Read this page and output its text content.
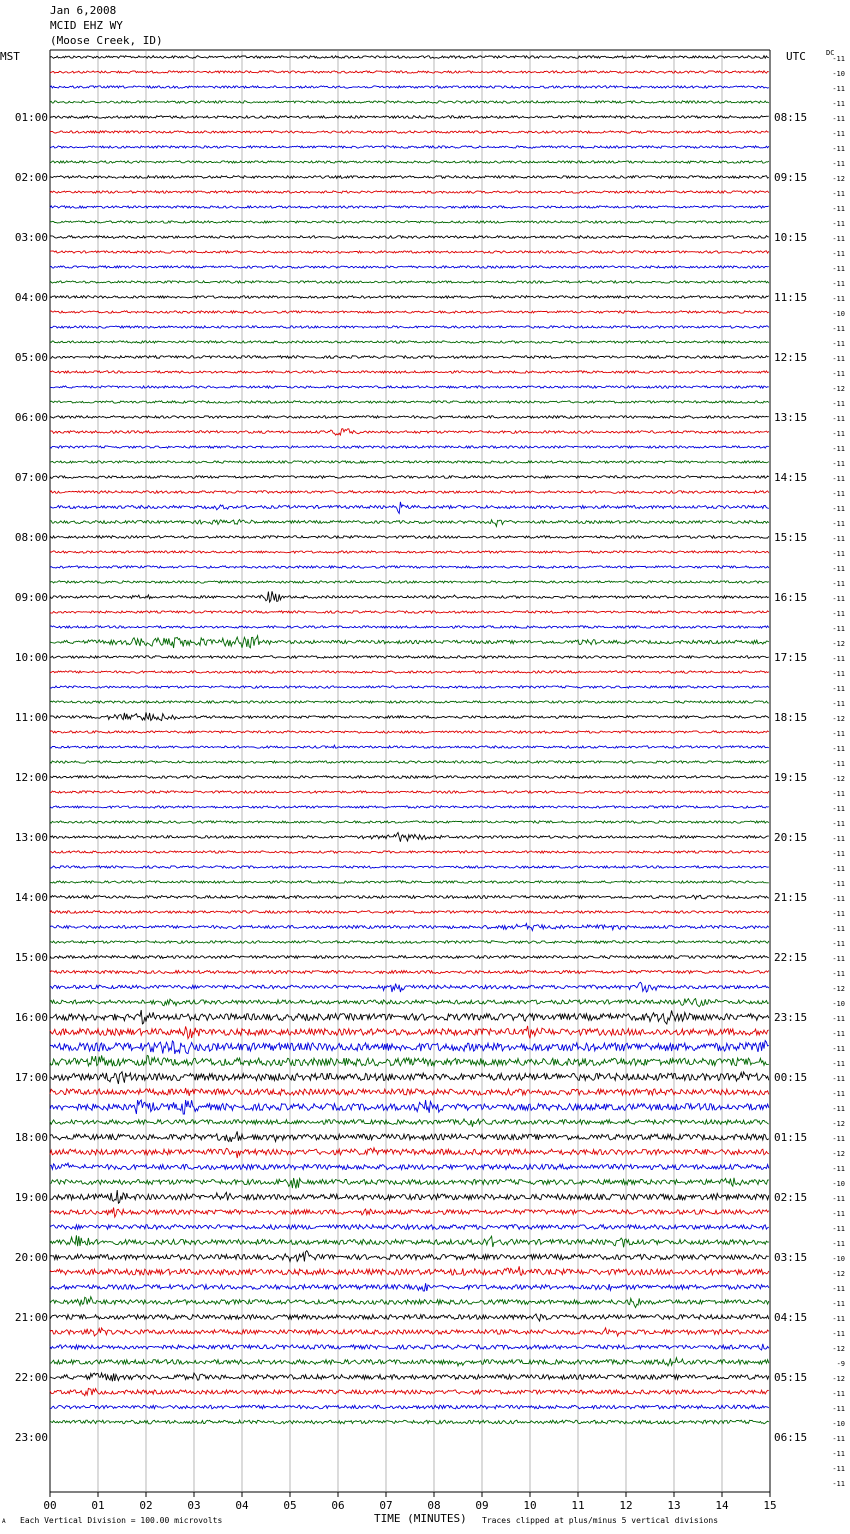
01:00
02:00
03:00
04:00
05:00
06:00
07:00
08:00
09:00
10:00
11:00
12:00
13:00
14:00
15:00
16:00
17:00
18:00
19:00
20:00
21:00
22:00
23:00
08:15
09:15
10:15
11:15
12:15
13:15
14:15
15:15
16:15
17:15
18:15
19:15
20:15
21:15
22:15
23:15
00:15
01:15
02:15
03:15
04:15
05:15
06:15
-11
-10
-11
-11
-11
-11
-11
-11
-12
-11
-11
-11
-11
-11
-11
-11
-11
-10
-11
-11
-11
-11
-12
-11
-11
-11
-11
-11
-11
-11
-11
-11
-11
-11
-11
-11
-11
-11
-11
-12
-11
-11
-11
-11
-12
-11
-11
-11
-12
-11
-11
-11
-11
-11
-11
-11
-11
-11
-11
-11
-11
-11
-12
-10
-11
-11
-11
-11
-11
-11
-11
-12
-11
-12
-11
-10
-11
-11
-11
-11
-10
-12
-11
-11
-11
-11
-12
-9
-12
-11
-11
-10
-11
-11
-11
-11
00	01	02	03	04	05	06	07	08	09	10	11	12	13	14	15
Jan 6,2008
MCID EHZ WY
(Moose Creek, ID)
MST	UTC	DC
TIME (MINUTES)
Each Vertical Division = 100.00 microvolts	Traces clipped at plus/minus 5 vertical divisions
A
